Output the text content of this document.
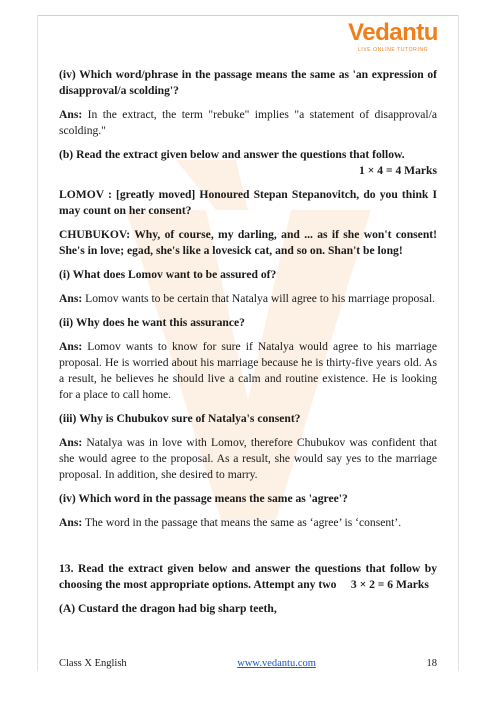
Vedantu
LIVE ONLINE TUTORING

(iv) Which word/phrase in the passage means the same as 'an expression of disapproval/a scolding'?

Ans: In the extract, the term "rebuke" implies "a statement of disapproval/a scolding."

(b) Read the extract given below and answer the questions that follow.

1 × 4 = 4 Marks

LOMOV : [greatly moved] Honoured Stepan Stepanovitch, do you think I may count on her consent?

CHUBUKOV: Why, of course, my darling, and ... as if she won't consent! She's in love; egad, she's like a lovesick cat, and so on. Shan't be long!

(i) What does Lomov want to be assured of?

Ans: Lomov wants to be certain that Natalya will agree to his marriage proposal.

(ii) Why does he want this assurance?

Ans: Lomov wants to know for sure if Natalya would agree to his marriage proposal. He is worried about his marriage because he is thirty-five years old. As a result, he believes he should live a calm and routine existence. He is looking for a place to call home.

(iii) Why is Chubukov sure of Natalya's consent?

Ans: Natalya was in love with Lomov, therefore Chubukov was confident that she would agree to the proposal. As a result, she would say yes to the marriage proposal. In addition, she desired to marry.

(iv) Which word in the passage means the same as 'agree'?

Ans: The word in the passage that means the same as ‘agree’ is ‘consent’.

13. Read the extract given below and answer the questions that follow by choosing the most appropriate options. Attempt any two 3 × 2 = 6 Marks

(A) Custard the dragon had big sharp teeth,

Class X English	www.vedantu.com	18
